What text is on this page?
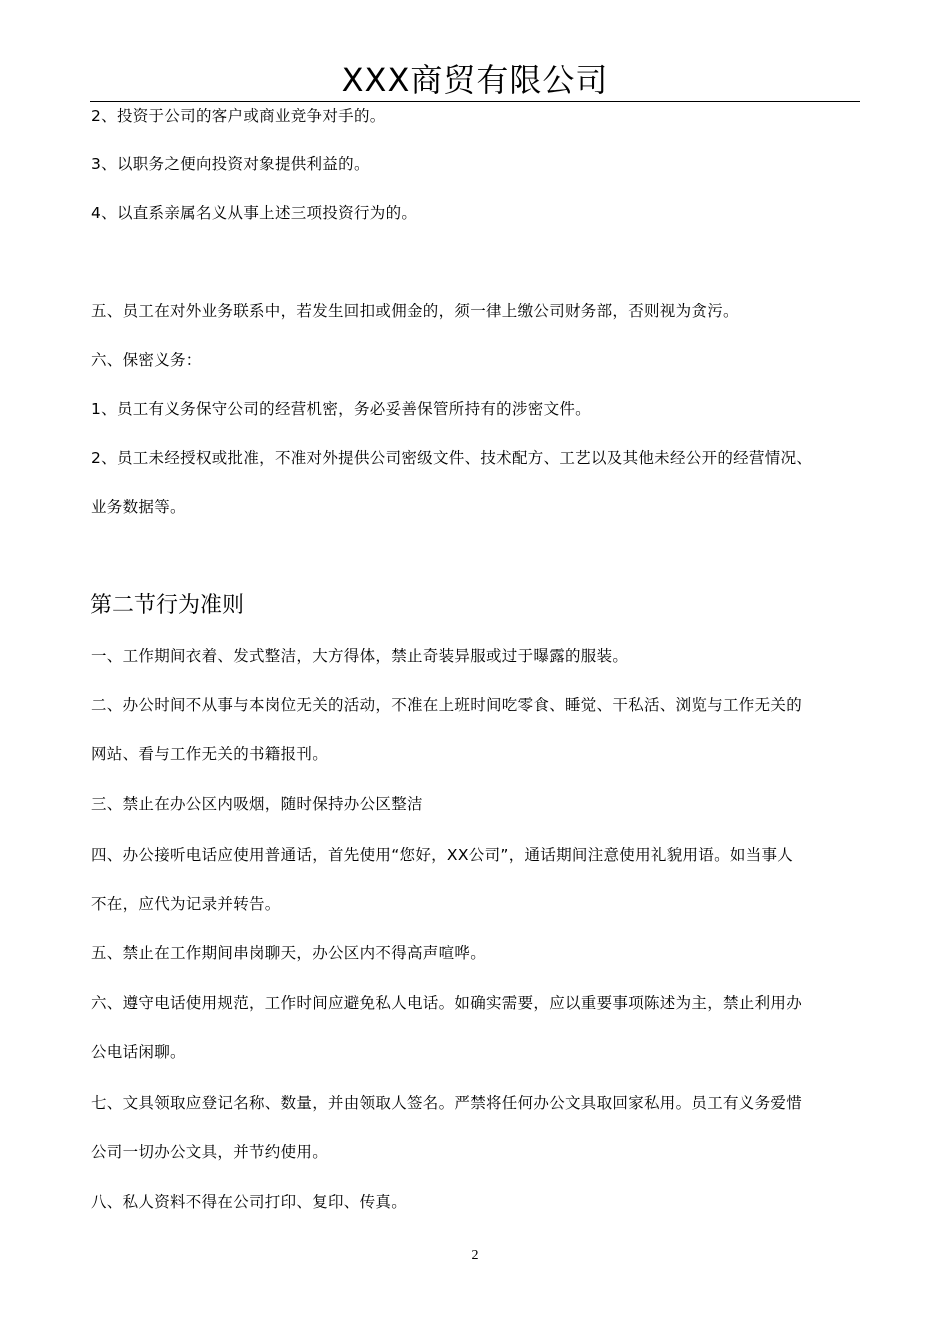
XXX商贸有限公司
2、投资于公司的客户或商业竞争对手的。
3、以职务之便向投资对象提供利益的。
4、以直系亲属名义从事上述三项投资行为的。
五、员工在对外业务联系中，若发生回扣或佣金的，须一律上缴公司财务部，否则视为贪污。
六、保密义务：
1、员工有义务保守公司的经营机密，务必妥善保管所持有的涉密文件。
2、员工未经授权或批准，不准对外提供公司密级文件、技术配方、工艺以及其他未经公开的经营情况、
业务数据等。
第二节行为准则
一、工作期间衣着、发式整洁，大方得体，禁止奇装异服或过于曝露的服装。
二、办公时间不从事与本岗位无关的活动，不准在上班时间吃零食、睡觉、干私活、浏览与工作无关的
网站、看与工作无关的书籍报刊。
三、禁止在办公区内吸烟，随时保持办公区整洁
四、办公接听电话应使用普通话，首先使用“您好，XX公司”，通话期间注意使用礼貌用语。如当事人
不在，应代为记录并转告。
五、禁止在工作期间串岗聊天，办公区内不得高声喧哗。
六、遵守电话使用规范，工作时间应避免私人电话。如确实需要，应以重要事项陈述为主，禁止利用办
公电话闲聊。
七、文具领取应登记名称、数量，并由领取人签名。严禁将任何办公文具取回家私用。员工有义务爱惜
公司一切办公文具，并节约使用。
八、私人资料不得在公司打印、复印、传真。
2
